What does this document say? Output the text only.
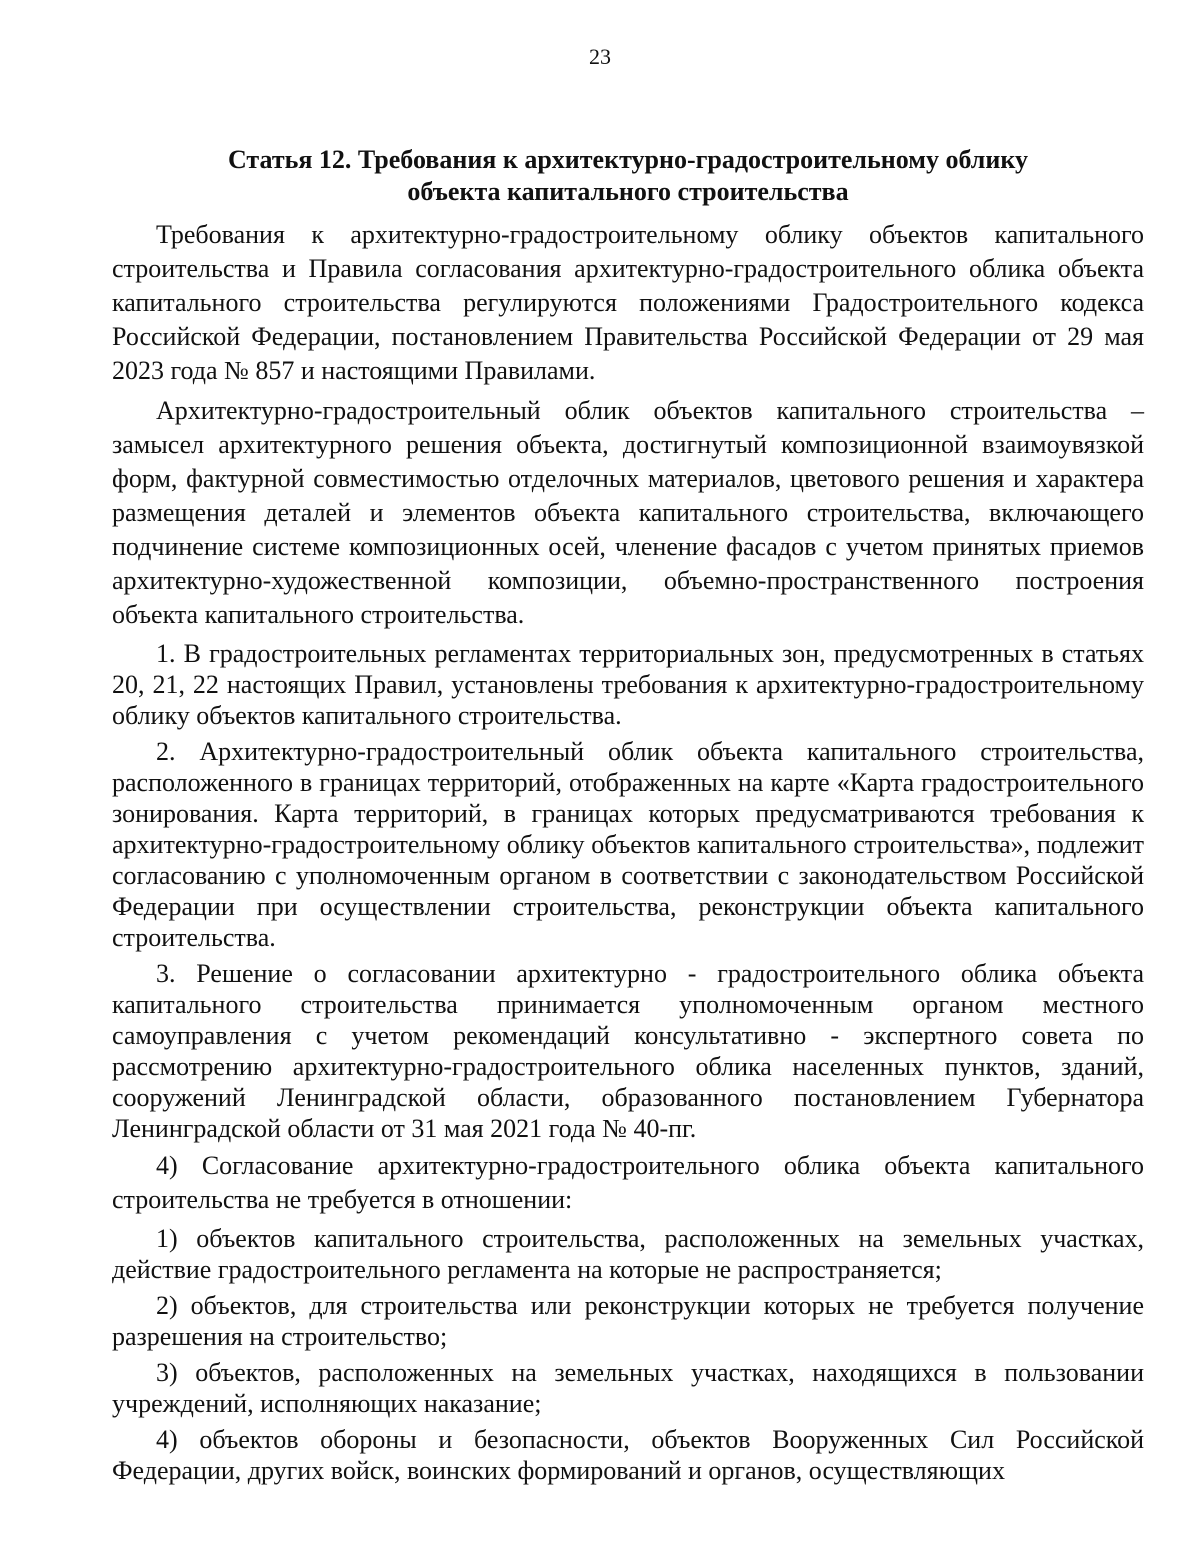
23
Статья 12. Требования к архитектурно-градостроительному облику
объекта капитального строительства

Требования к архитектурно-градостроительному облику объектов капитального строительства и Правила согласования архитектурно-градостроительного облика объекта капитального строительства регулируются положениями Градостроительного кодекса Российской Федерации, постановлением Правительства Российской Федерации от 29 мая 2023 года № 857 и настоящими Правилами.

Архитектурно-градостроительный облик объектов капитального строительства – замысел архитектурного решения объекта, достигнутый композиционной взаимоувязкой форм, фактурной совместимостью отделочных материалов, цветового решения и характера размещения деталей и элементов объекта капитального строительства, включающего подчинение системе композиционных осей, членение фасадов с учетом принятых приемов архитектурно-художественной композиции, объемно-пространственного построения объекта капитального строительства.

1. В градостроительных регламентах территориальных зон, предусмотренных в статьях 20, 21, 22 настоящих Правил, установлены требования к архитектурно-градостроительному облику объектов капитального строительства.

2. Архитектурно-градостроительный облик объекта капитального строительства, расположенного в границах территорий, отображенных на карте «Карта градостроительного зонирования. Карта территорий, в границах которых предусматриваются требования к архитектурно-градостроительному облику объектов капитального строительства», подлежит согласованию с уполномоченным органом в соответствии с законодательством Российской Федерации при осуществлении строительства, реконструкции объекта капитального строительства.

3. Решение о согласовании архитектурно - градостроительного облика объекта капитального строительства принимается уполномоченным органом местного самоуправления с учетом рекомендаций консультативно - экспертного совета по рассмотрению архитектурно-градостроительного облика населенных пунктов, зданий, сооружений Ленинградской области, образованного постановлением Губернатора Ленинградской области от 31 мая 2021 года № 40-пг.

4) Согласование архитектурно-градостроительного облика объекта капитального строительства не требуется в отношении:

1) объектов капитального строительства, расположенных на земельных участках, действие градостроительного регламента на которые не распространяется;

2) объектов, для строительства или реконструкции которых не требуется получение разрешения на строительство;

3) объектов, расположенных на земельных участках, находящихся в пользовании учреждений, исполняющих наказание;

4) объектов обороны и безопасности, объектов Вооруженных Сил Российской Федерации, других войск, воинских формирований и органов, осуществляющих
